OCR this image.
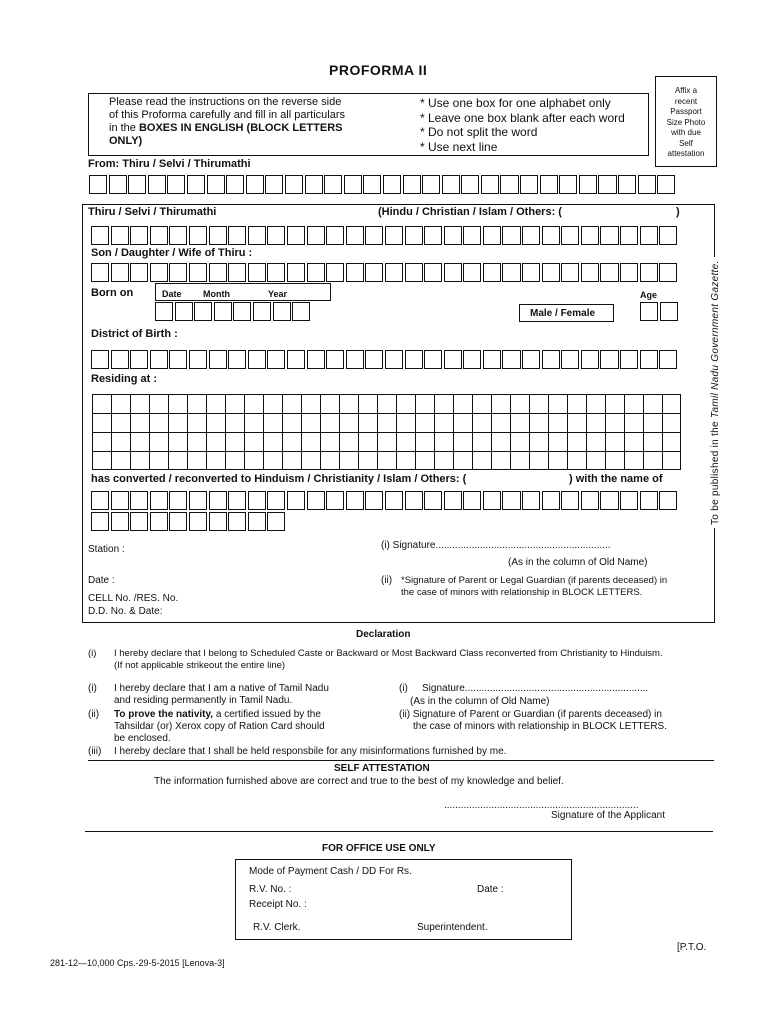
PROFORMA II
Affix a
recent
Passport
Size Photo
with due
Self
attestation
Please read the instructions on the reverse side
of this Proforma carefully and fill in all particulars
in the BOXES IN ENGLISH (BLOCK LETTERS
ONLY)
* Use one box for one alphabet only
* Leave one box blank after each word
* Do not split the word
* Use next line
From: Thiru / Selvi / Thirumathi
Thiru / Selvi / Thirumathi	(Hindu / Christian / Islam / Others: (	)
Son / Daughter / Wife of Thiru :
Born on	Date Month	Year	Age
Male / Female
District of Birth :
Residing at :
To be published in the Tamil Nadu Government Gazette.
has converted / reconverted to Hinduism / Christianity / Islam / Others: (	) with the name of
Station :	(i) Signature...............................................................
(As in the column of Old Name)
Date :	(ii) *Signature of Parent or Legal Guardian (if parents deceased) in
the case of minors with relationship in BLOCK LETTERS.
CELL No. /RES. No.
D.D. No. & Date:
Declaration
(i) I hereby declare that I belong to Scheduled Caste or Backward or Most Backward Class reconverted from Christianity to Hinduism.
(If not applicable strikeout the entire line)
(i) I hereby declare that I am a native of Tamil Nadu
and residing permanently in Tamil Nadu.
(ii) To prove the nativity, a certified issued by the
Tahsildar (or) Xerox copy of Ration Card should
be enclosed.
(iii) I hereby declare that I shall be held responsbile for any misinformations furnished by me.
(i) Signature..................................................................
(As in the column of Old Name)
(ii) Signature of Parent or Guardian (if parents deceased) in
the case of minors with relationship in BLOCK LETTERS.
SELF ATTESTATION
The information furnished above are correct and true to the best of my knowledge and belief.
......................................................................
Signature of the Applicant
FOR OFFICE USE ONLY
Mode of Payment Cash / DD For Rs.
R.V. No. :	Date :
Receipt No. :
R.V. Clerk.	Superintendent.
[P.T.O.
281-12—10,000 Cps.-29-5-2015 [Lenova-3]
